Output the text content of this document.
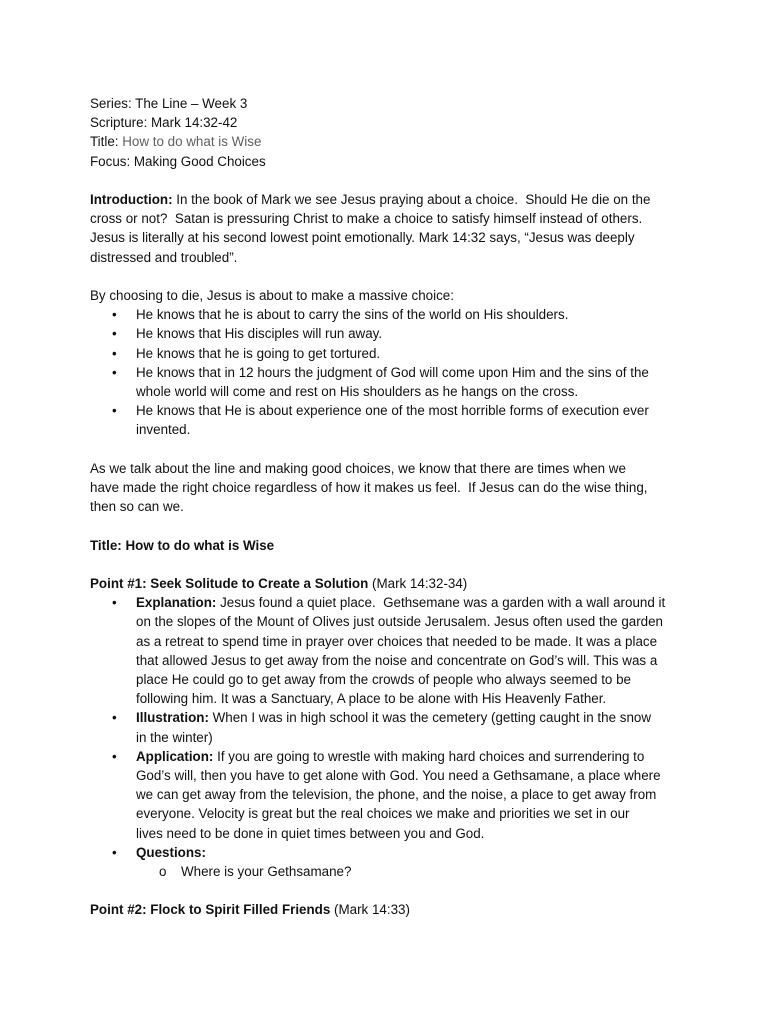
Series: The Line – Week 3

Scripture: Mark 14:32-42

Title: How to do what is Wise

Focus: Making Good Choices

Introduction: In the book of Mark we see Jesus praying about a choice.  Should He die on the

cross or not?  Satan is pressuring Christ to make a choice to satisfy himself instead of others.

Jesus is literally at his second lowest point emotionally. Mark 14:32 says, “Jesus was deeply

distressed and troubled”.

By choosing to die, Jesus is about to make a massive choice:

• He knows that he is about to carry the sins of the world on His shoulders.
• He knows that His disciples will run away.
• He knows that he is going to get tortured.
• He knows that in 12 hours the judgment of God will come upon Him and the sins of the
whole world will come and rest on His shoulders as he hangs on the cross.
• He knows that He is about experience one of the most horrible forms of execution ever
invented.

As we talk about the line and making good choices, we know that there are times when we

have made the right choice regardless of how it makes us feel.  If Jesus can do the wise thing,

then so can we.

Title: How to do what is Wise

Point #1: Seek Solitude to Create a Solution (Mark 14:32-34)

• Explanation: Jesus found a quiet place.  Gethsemane was a garden with a wall around it
on the slopes of the Mount of Olives just outside Jerusalem. Jesus often used the garden
as a retreat to spend time in prayer over choices that needed to be made. It was a place
that allowed Jesus to get away from the noise and concentrate on God’s will. This was a
place He could go to get away from the crowds of people who always seemed to be
following him. It was a Sanctuary, A place to be alone with His Heavenly Father.
• Illustration: When I was in high school it was the cemetery (getting caught in the snow
in the winter)
• Application: If you are going to wrestle with making hard choices and surrendering to
God’s will, then you have to get alone with God. You need a Gethsamane, a place where
we can get away from the television, the phone, and the noise, a place to get away from
everyone. Velocity is great but the real choices we make and priorities we set in our
lives need to be done in quiet times between you and God.
• Questions:
o Where is your Gethsamane?

Point #2: Flock to Spirit Filled Friends (Mark 14:33)
